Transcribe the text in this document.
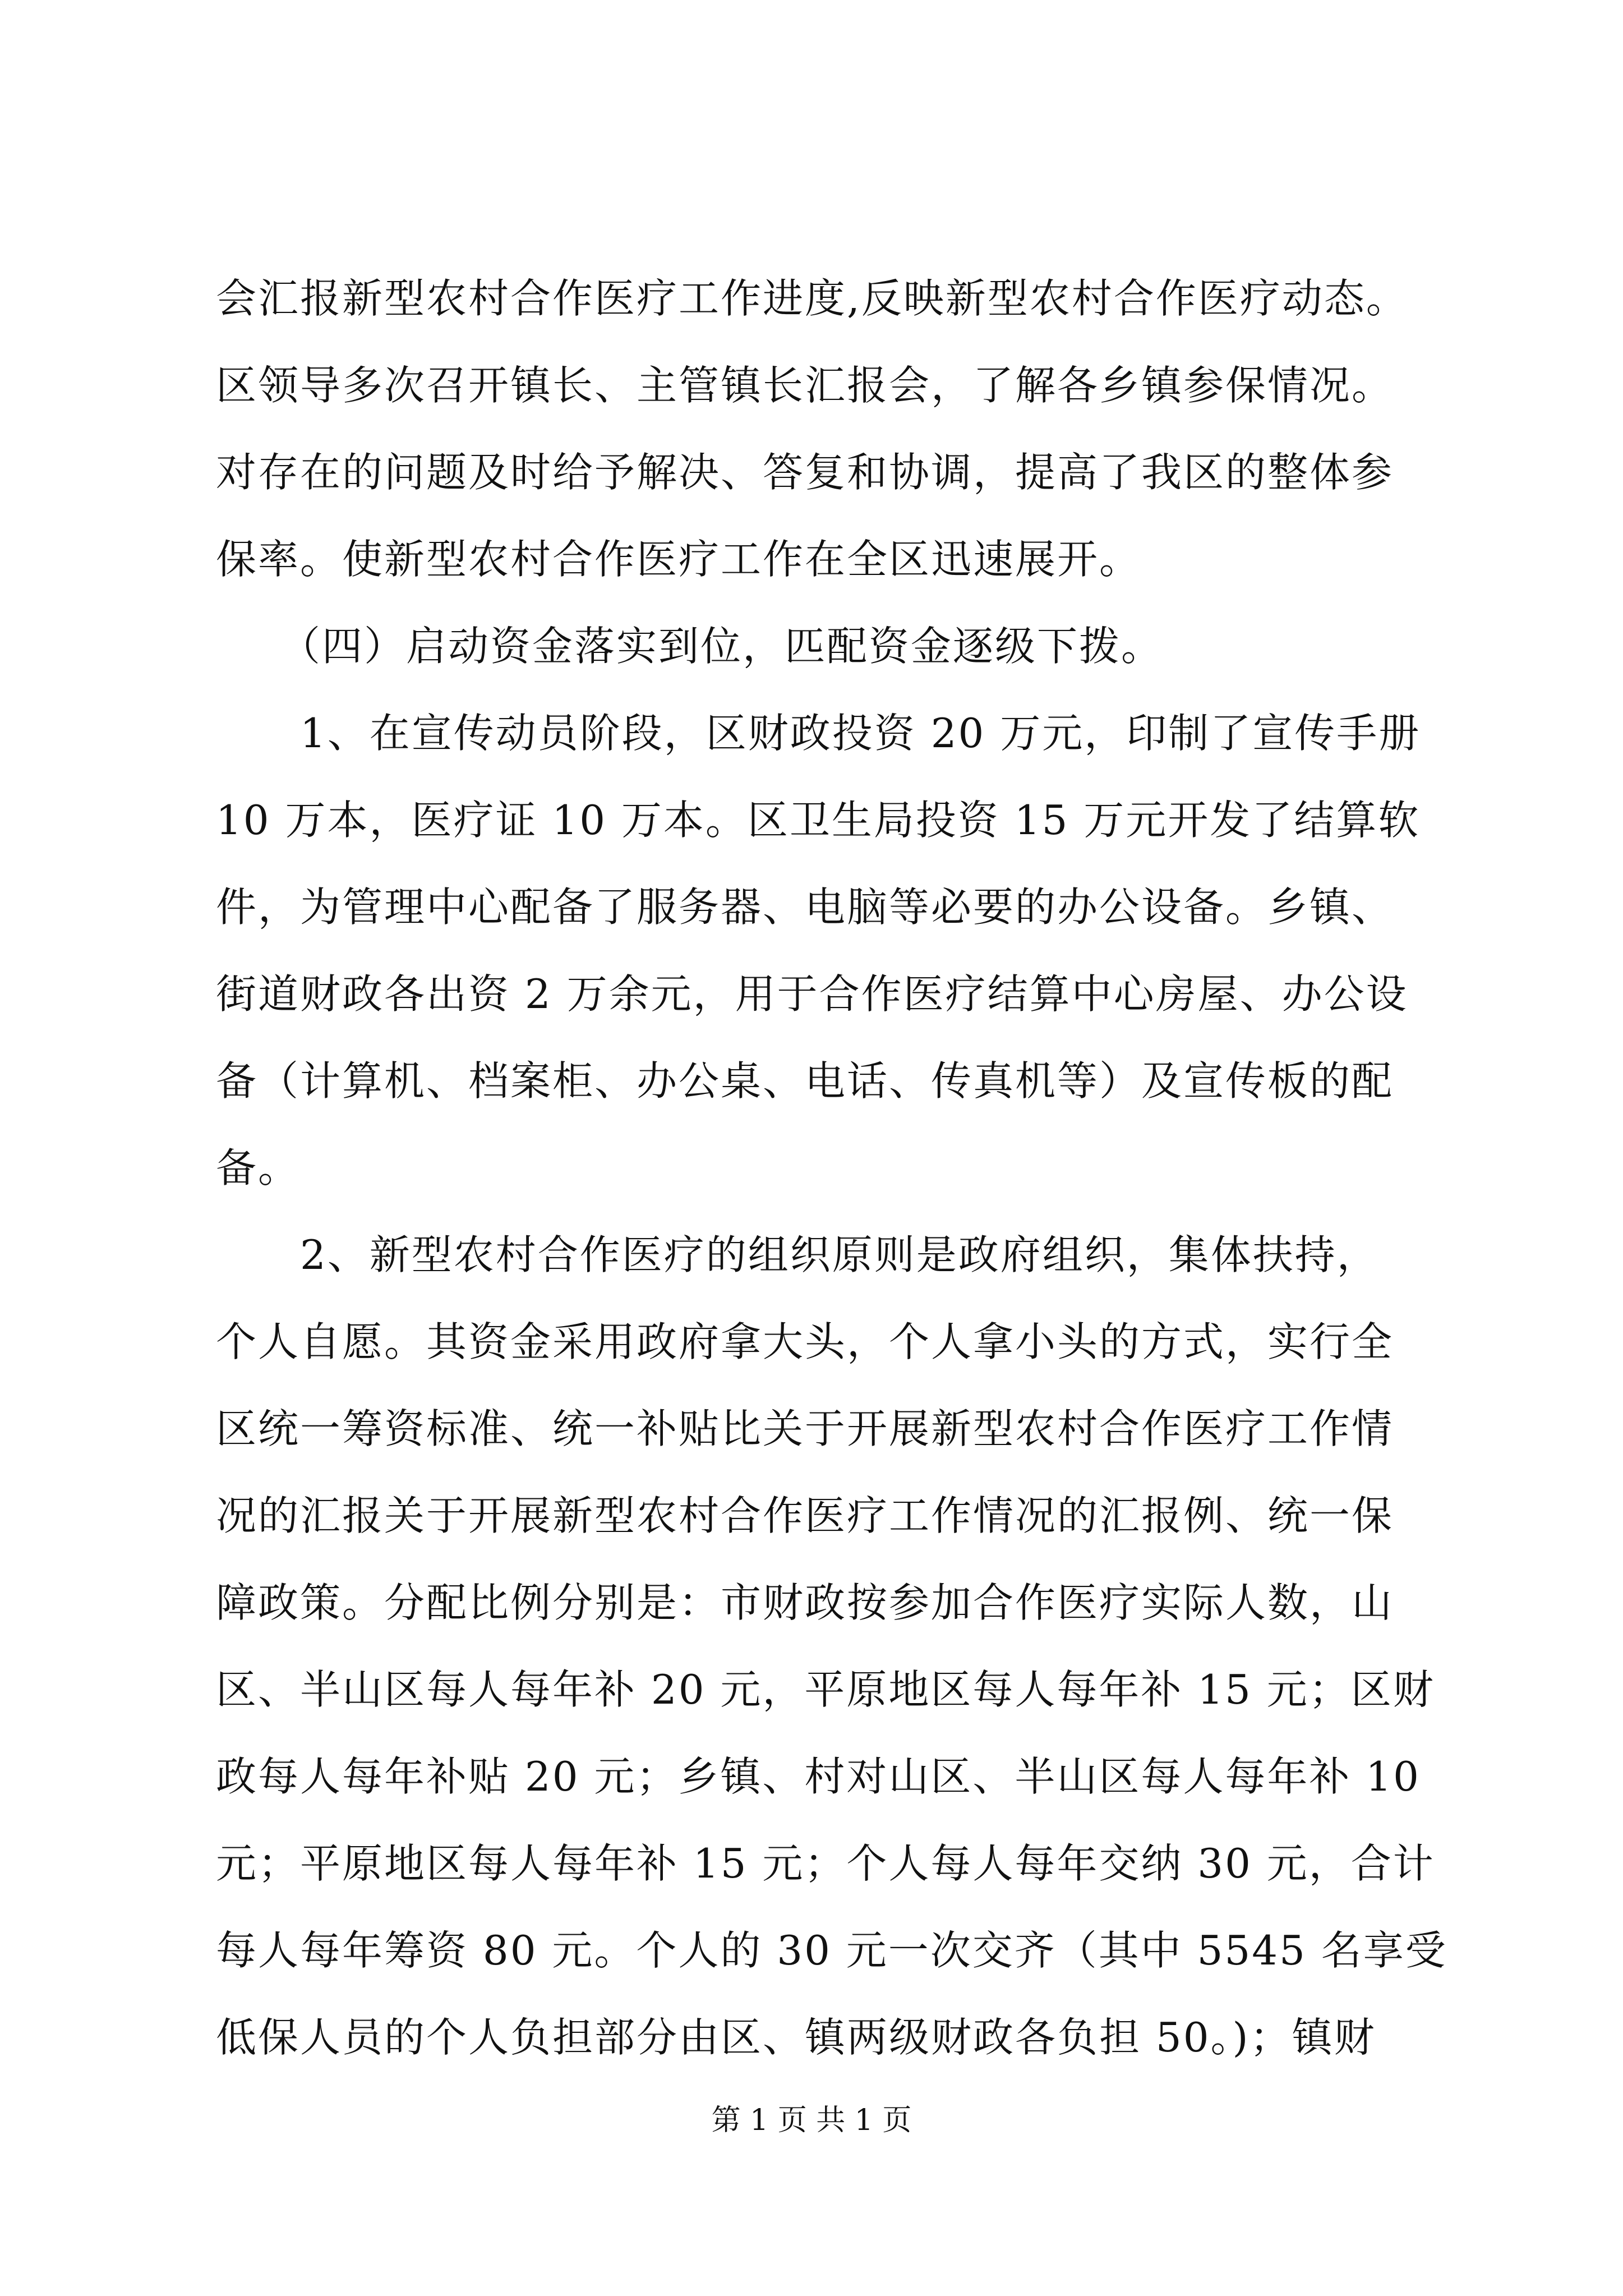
会汇报新型农村合作医疗工作进度,反映新型农村合作医疗动态。
区领导多次召开镇长、主管镇长汇报会，了解各乡镇参保情况。
对存在的问题及时给予解决、答复和协调，提高了我区的整体参
保率。使新型农村合作医疗工作在全区迅速展开。
　　（四）启动资金落实到位，匹配资金逐级下拨。
　　1、在宣传动员阶段，区财政投资 20 万元，印制了宣传手册
10 万本，医疗证 10 万本。区卫生局投资 15 万元开发了结算软
件，为管理中心配备了服务器、电脑等必要的办公设备。乡镇、
街道财政各出资 2 万余元，用于合作医疗结算中心房屋、办公设
备（计算机、档案柜、办公桌、电话、传真机等）及宣传板的配
备。
　　2、新型农村合作医疗的组织原则是政府组织，集体扶持，
个人自愿。其资金采用政府拿大头，个人拿小头的方式，实行全
区统一筹资标准、统一补贴比关于开展新型农村合作医疗工作情
况的汇报关于开展新型农村合作医疗工作情况的汇报例、统一保
障政策。分配比例分别是：市财政按参加合作医疗实际人数，山
区、半山区每人每年补 20 元，平原地区每人每年补 15 元；区财
政每人每年补贴 20 元；乡镇、村对山区、半山区每人每年补 10
元；平原地区每人每年补 15 元；个人每人每年交纳 30 元，合计
每人每年筹资 80 元。个人的 30 元一次交齐（其中 5545 名享受
低保人员的个人负担部分由区、镇两级财政各负担 50。)；镇财
第 1 页 共 1 页
